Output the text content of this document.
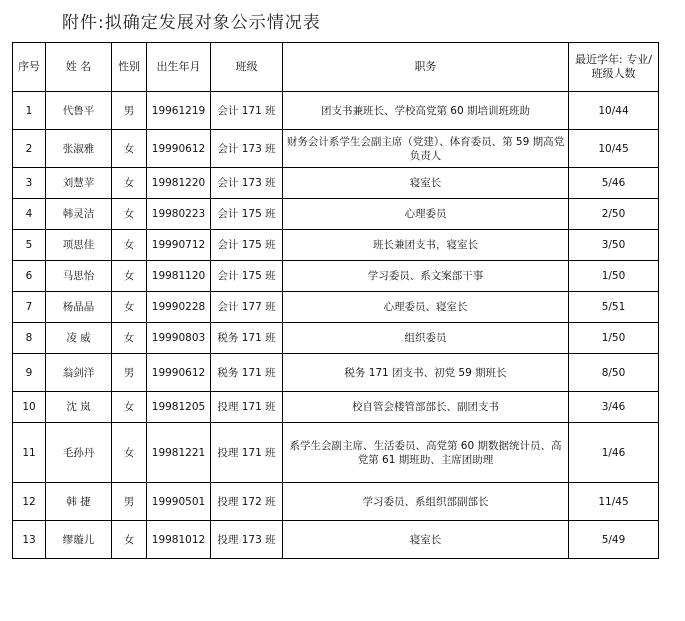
附件:拟确定发展对象公示情况表
序号	姓 名	性别	出生年月	班级	职务	最近学年: 专业/ 班级人数
1	代鲁平	男	19961219	会计 171 班	团支书兼班长、学校高党第 60 期培训班班助	10/44
2	张淑雅	女	19990612	会计 173 班	财务会计系学生会副主席（党建）、体育委员、第 59 期高党负责人	10/45
3	刘慧苹	女	19981220	会计 173 班	寝室长	5/46
4	韩灵洁	女	19980223	会计 175 班	心理委员	2/50
5	项思佳	女	19990712	会计 175 班	班长兼团支书，寝室长	3/50
6	马思怡	女	19981120	会计 175 班	学习委员、系文案部干事	1/50
7	杨晶晶	女	19990228	会计 177 班	心理委员、寝室长	5/51
8	凌 威	女	19990803	税务 171 班	组织委员	1/50
9	翁剑洋	男	19990612	税务 171 班	税务 171 团支书、初党 59 期班长	8/50
10	沈 岚	女	19981205	投理 171 班	校自管会楼管部部长、副团支书	3/46
11	毛孙丹	女	19981221	投理 171 班	系学生会副主席、生活委员、高党第 60 期数据统计员、高党第 61 期班助、主席团助理	1/46
12	韩 捷	男	19990501	投理 172 班	学习委员、系组织部副部长	11/45
13	缪璇儿	女	19981012	投理 173 班	寝室长	5/49
